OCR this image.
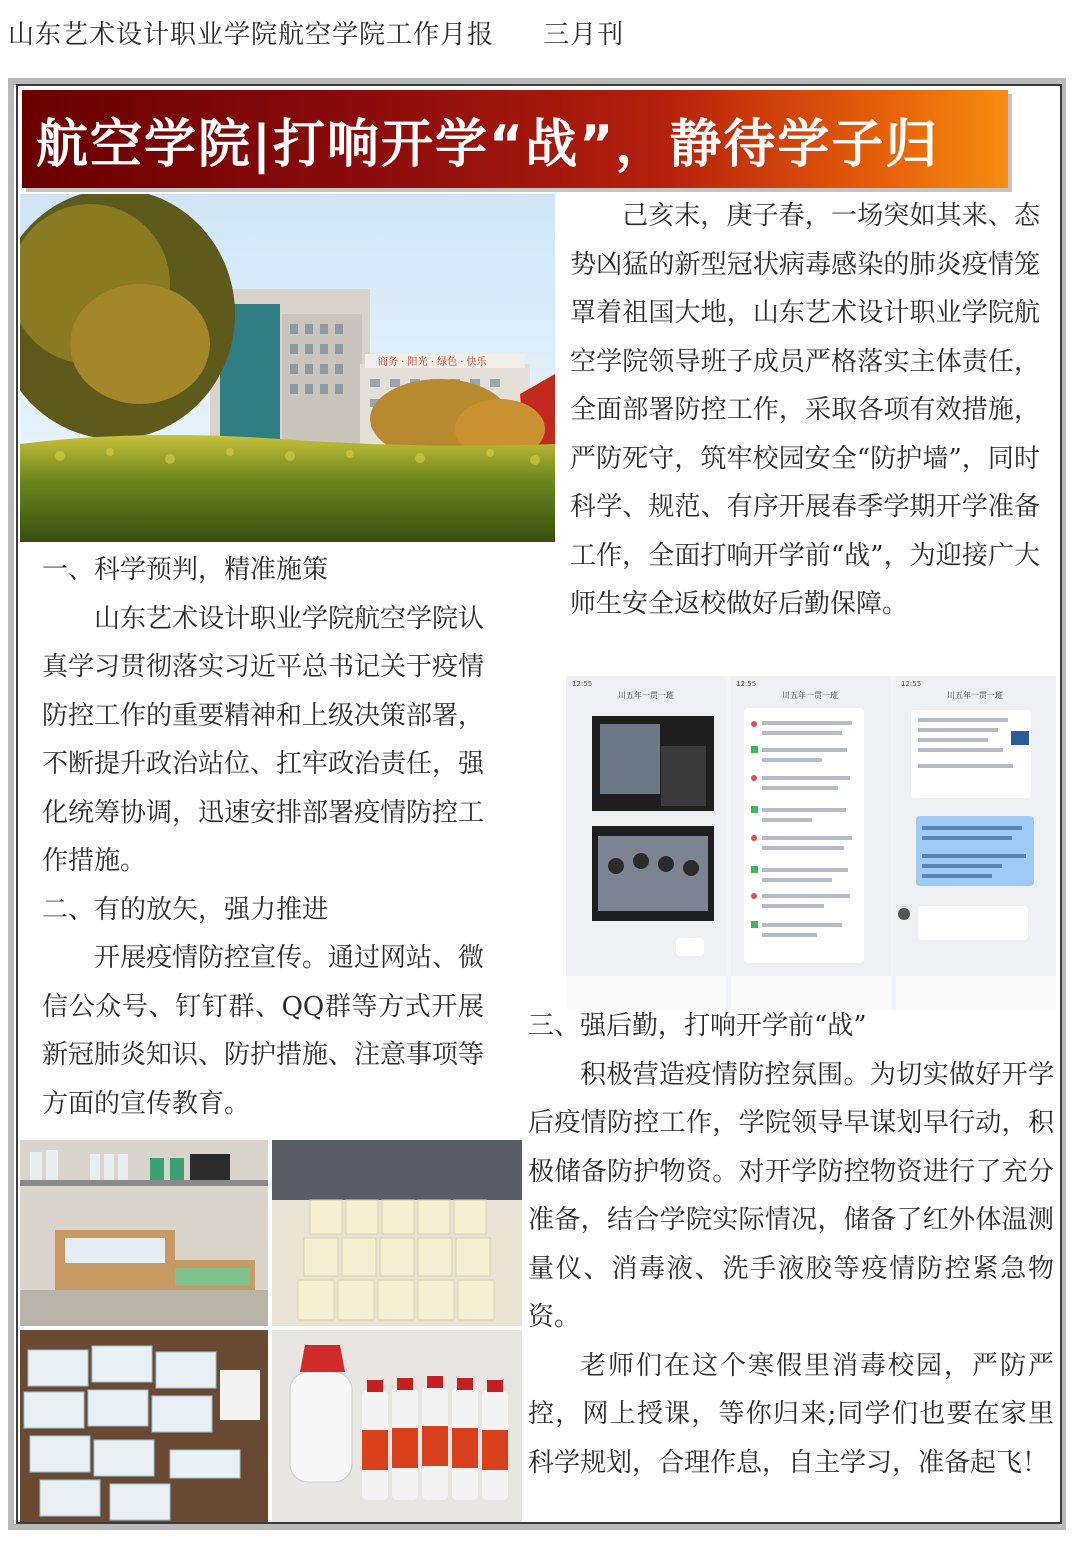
山东艺术设计职业学院航空学院工作月报 三月刊
航空学院|打响开学“战”，静待学子归
商务 · 阳光 · 绿色 · 快乐

己亥末，庚子春，一场突如其来、态势凶猛的新型冠状病毒感染的肺炎疫情笼罩着祖国大地，山东艺术设计职业学院航空学院领导班子成员严格落实主体责任，全面部署防控工作，采取各项有效措施，严防死守，筑牢校园安全“防护墙”，同时科学、规范、有序开展春季学期开学准备工作，全面打响开学前“战”，为迎接广大师生安全返校做好后勤保障。

一、科学预判，精准施策

山东艺术设计职业学院航空学院认真学习贯彻落实习近平总书记关于疫情防控工作的重要精神和上级决策部署，不断提升政治站位、扛牢政治责任，强化统筹协调，迅速安排部署疫情防控工作措施。

二、有的放矢，强力推进

开展疫情防控宣传。通过网站、微信公众号、钉钉群、QQ群等方式开展新冠肺炎知识、防护措施、注意事项等方面的宣传教育。

12:55
川五年一贯一班
12:55
川五年一贯一班
12:55
川五年一贯一班

三、强后勤，打响开学前“战”

积极营造疫情防控氛围。为切实做好开学后疫情防控工作，学院领导早谋划早行动，积极储备防护物资。对开学防控物资进行了充分准备，结合学院实际情况，储备了红外体温测量仪、消毒液、洗手液胶等疫情防控紧急物资。

老师们在这个寒假里消毒校园，严防严控，网上授课，等你归来;同学们也要在家里科学规划，合理作息，自主学习，准备起飞！
